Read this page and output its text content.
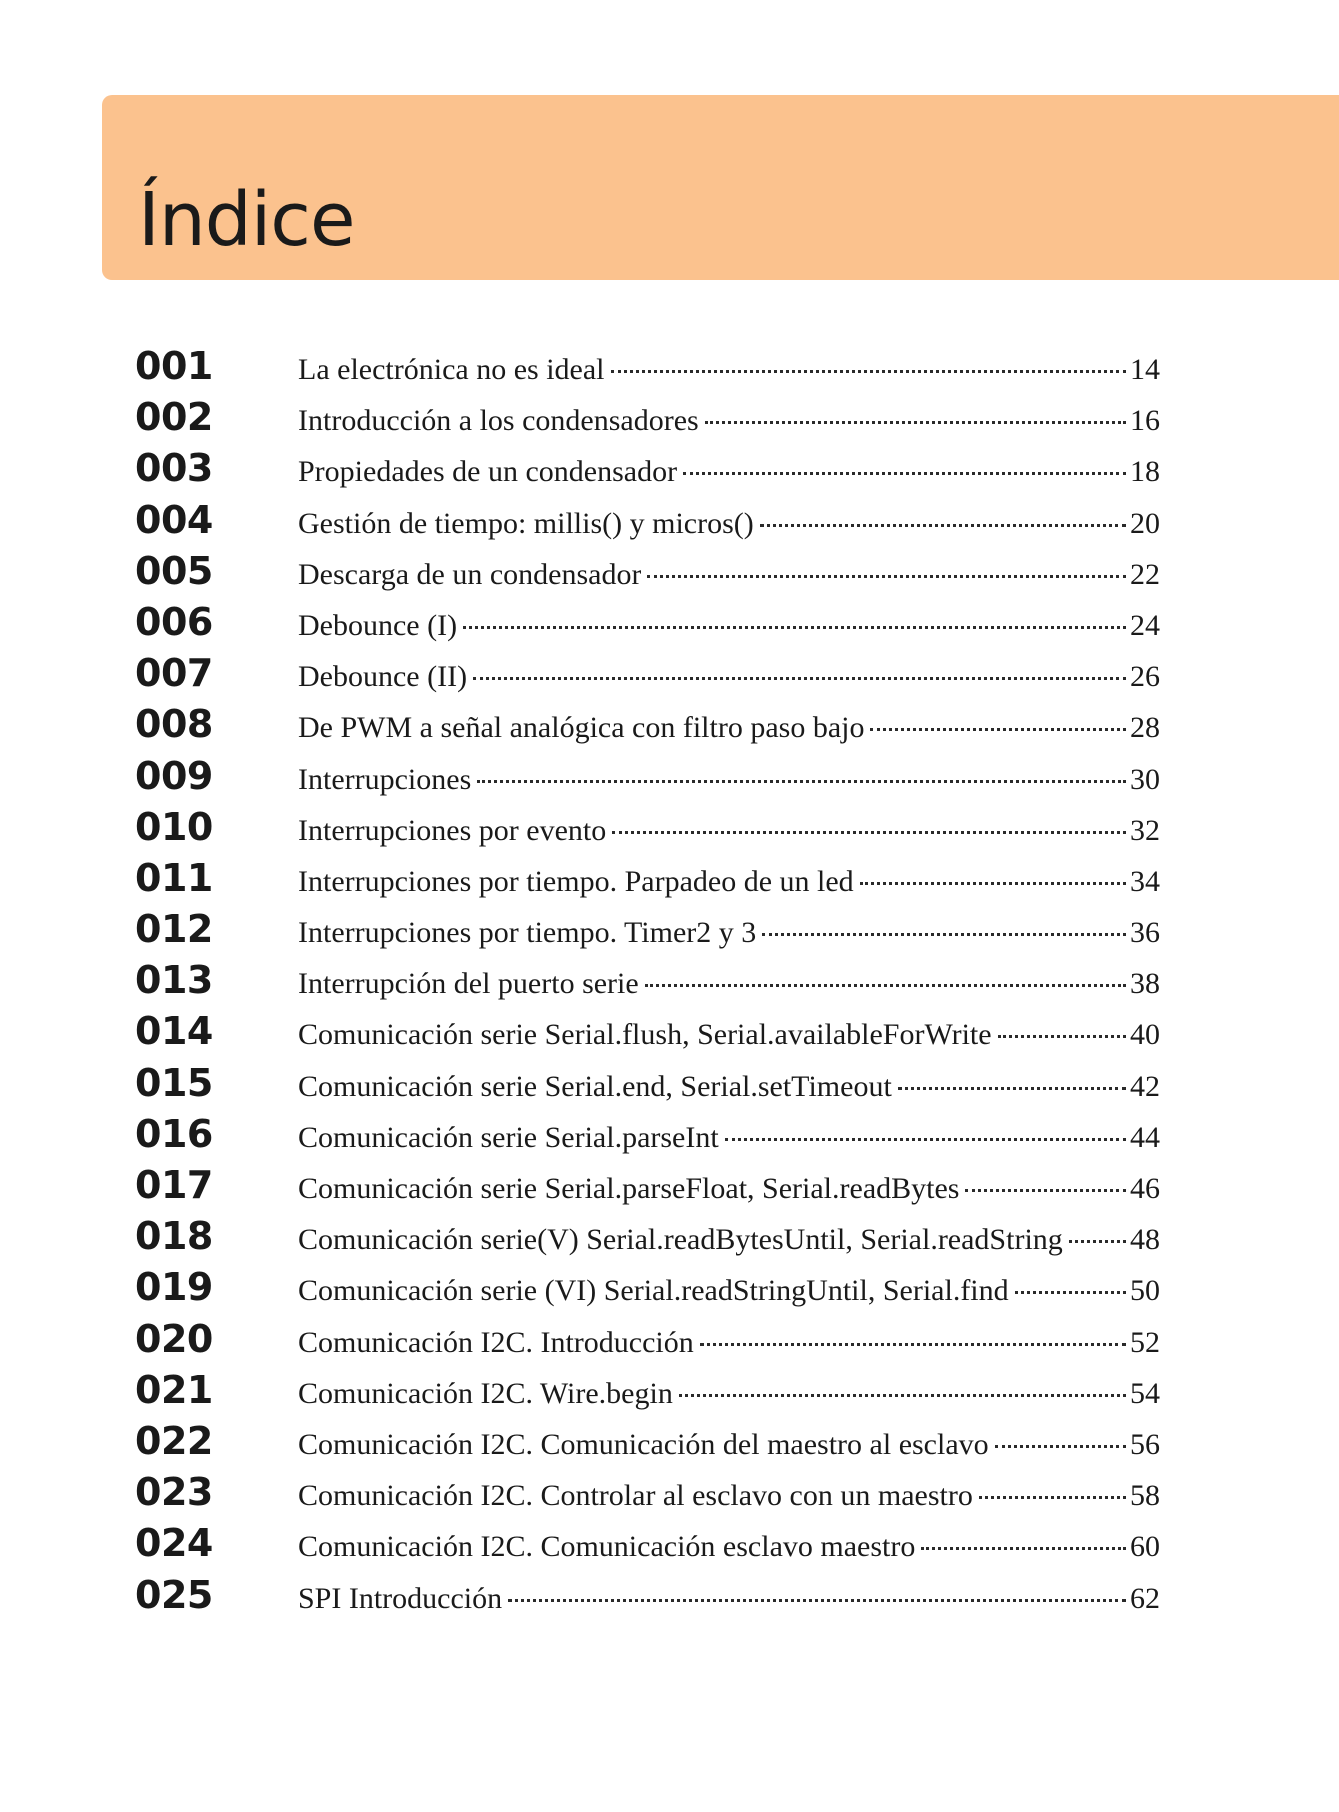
Índice
001	La electrónica no es ideal	14
002	Introducción a los condensadores	16
003	Propiedades de un condensador	18
004	Gestión de tiempo: millis() y micros()	20
005	Descarga de un condensador	22
006	Debounce (I)	24
007	Debounce (II)	26
008	De PWM a señal analógica con filtro paso bajo	28
009	Interrupciones	30
010	Interrupciones por evento	32
011	Interrupciones por tiempo. Parpadeo de un led	34
012	Interrupciones por tiempo. Timer2 y 3	36
013	Interrupción del puerto serie	38
014	Comunicación serie Serial.flush, Serial.availableForWrite	40
015	Comunicación serie Serial.end, Serial.setTimeout	42
016	Comunicación serie Serial.parseInt	44
017	Comunicación serie Serial.parseFloat, Serial.readBytes	46
018	Comunicación serie(V) Serial.readBytesUntil, Serial.readString 48
019	Comunicación serie (VI) Serial.readStringUntil, Serial.find	50
020	Comunicación I2C. Introducción	52
021	Comunicación I2C. Wire.begin	54
022	Comunicación I2C. Comunicación del maestro al esclavo	56
023	Comunicación I2C. Controlar al esclavo con un maestro	58
024	Comunicación I2C. Comunicación esclavo maestro	60
025	SPI Introducción	62
